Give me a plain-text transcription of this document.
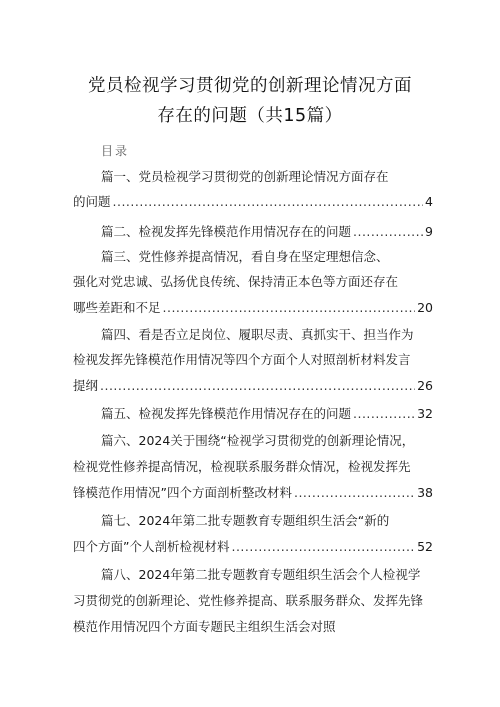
党员检视学习贯彻党的创新理论情况方面
存在的问题（共15篇）
目录
篇一、党员检视学习贯彻党的创新理论情况方面存在
的问题 .....	4
篇二、检视发挥先锋模范作用情况存在的问题 .....	9
篇三、党性修养提高情况，看自身在坚定理想信念、
强化对党忠诚、弘扬优良传统、保持清正本色等方面还存在
哪些差距和不足 .....	20
篇四、看是否立足岗位、履职尽责、真抓实干、担当作为
检视发挥先锋模范作用情况等四个方面个人对照剖析材料发言
提纲 .....	26
篇五、检视发挥先锋模范作用情况存在的问题 .....	32
篇六、2024关于围绕“检视学习贯彻党的创新理论情况，
检视党性修养提高情况，检视联系服务群众情况，检视发挥先
锋模范作用情况”四个方面剖析整改材料 .....	38
篇七、2024年第二批专题教育专题组织生活会“新的
四个方面”个人剖析检视材料 .....	52
篇八、2024年第二批专题教育专题组织生活会个人检视学
习贯彻党的创新理论、党性修养提高、联系服务群众、发挥先锋
模范作用情况四个方面专题民主组织生活会对照
